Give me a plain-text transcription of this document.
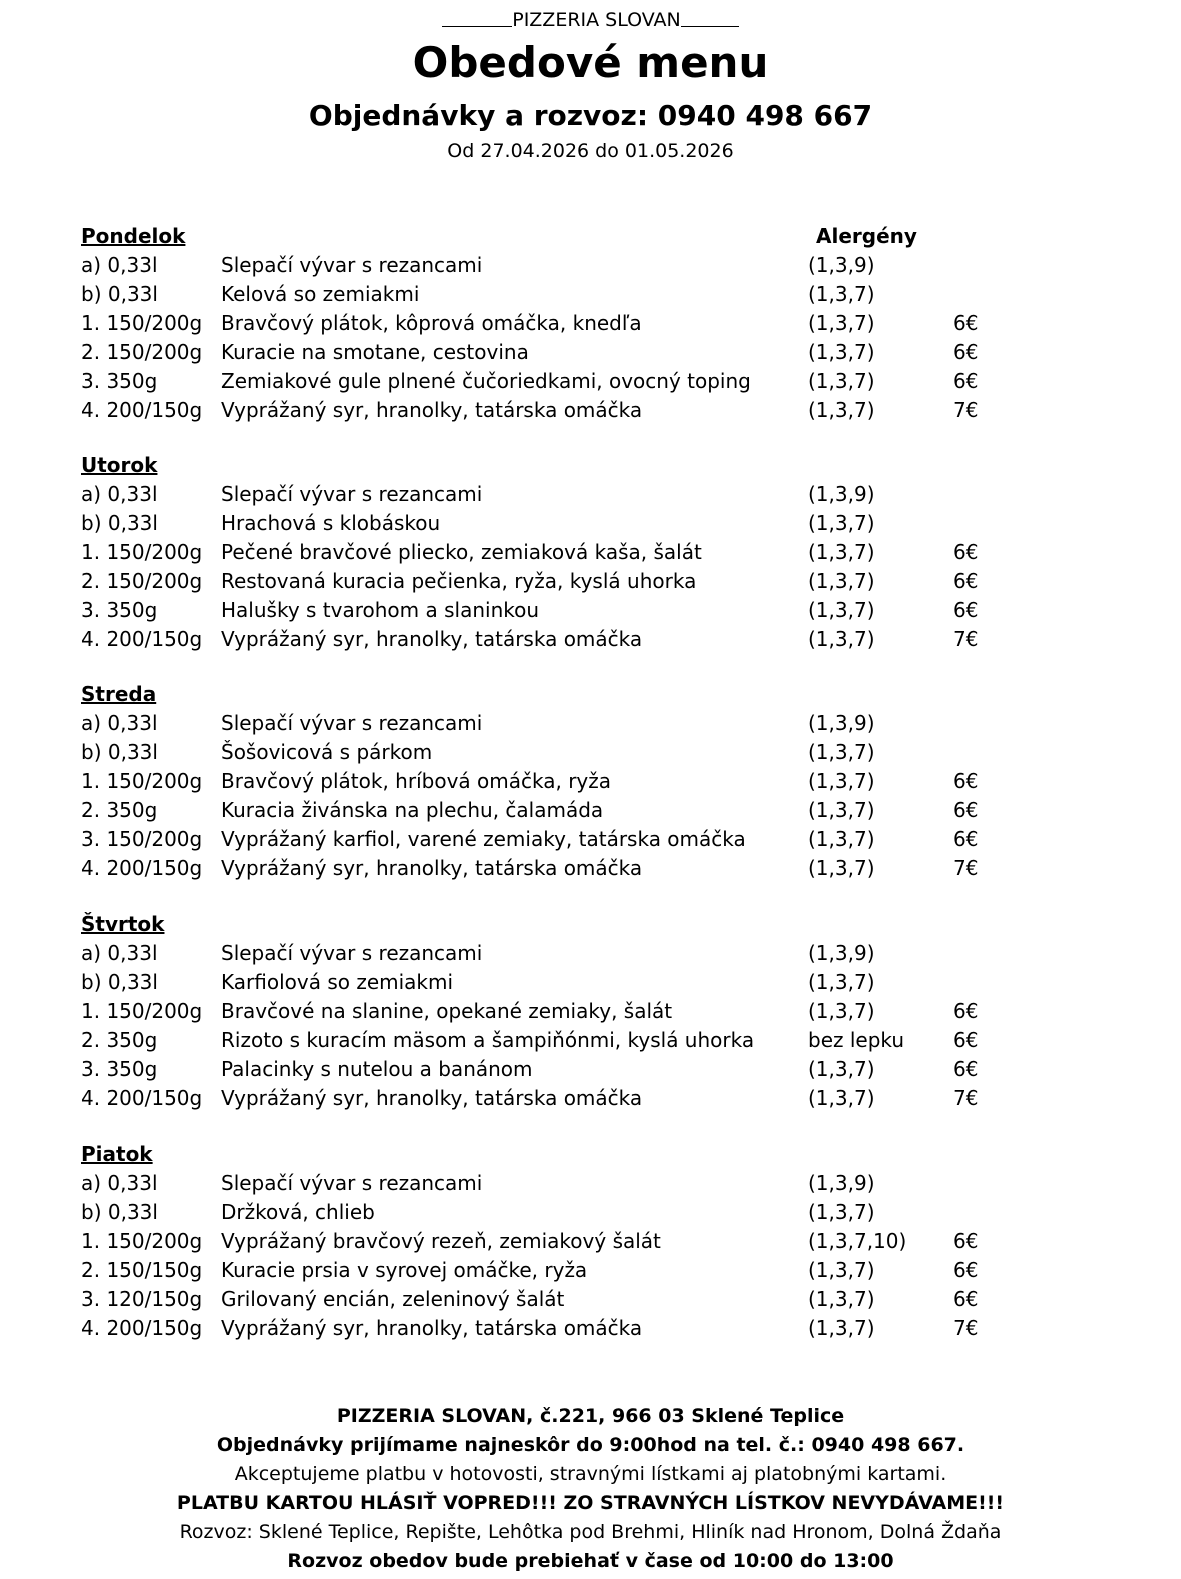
PIZZERIA SLOVAN
Obedové menu
Objednávky a rozvoz: 0940 498 667
Od 27.04.2026 do 01.05.2026
Pondelok	Alergény
a) 0,33l	Slepačí vývar s rezancami	(1,3,9)
b) 0,33l	Kelová so zemiakmi	(1,3,7)
1. 150/200g Bravčový plátok, kôprová omáčka, knedľa	(1,3,7)	6€
2. 150/200g Kuracie na smotane, cestovina	(1,3,7)	6€
3. 350g	Zemiakové gule plnené čučoriedkami, ovocný toping	(1,3,7)	6€
4. 200/150g Vyprážaný syr, hranolky, tatárska omáčka	(1,3,7)	7€
Utorok
a) 0,33l	Slepačí vývar s rezancami	(1,3,9)
b) 0,33l	Hrachová s klobáskou	(1,3,7)
1. 150/200g Pečené bravčové pliecko, zemiaková kaša, šalát	(1,3,7)	6€
2. 150/200g Restovaná kuracia pečienka, ryža, kyslá uhorka	(1,3,7)	6€
3. 350g	Halušky s tvarohom a slaninkou	(1,3,7)	6€
4. 200/150g Vyprážaný syr, hranolky, tatárska omáčka	(1,3,7)	7€
Streda
a) 0,33l	Slepačí vývar s rezancami	(1,3,9)
b) 0,33l	Šošovicová s párkom	(1,3,7)
1. 150/200g Bravčový plátok, hríbová omáčka, ryža	(1,3,7)	6€
2. 350g	Kuracia živánska na plechu, čalamáda	(1,3,7)	6€
3. 150/200g Vyprážaný karfiol, varené zemiaky, tatárska omáčka	(1,3,7)	6€
4. 200/150g Vyprážaný syr, hranolky, tatárska omáčka	(1,3,7)	7€
Štvrtok
a) 0,33l	Slepačí vývar s rezancami	(1,3,9)
b) 0,33l	Karfiolová so zemiakmi	(1,3,7)
1. 150/200g Bravčové na slanine, opekané zemiaky, šalát	(1,3,7)	6€
2. 350g	Rizoto s kuracím mäsom a šampiňónmi, kyslá uhorka	bez lepku 6€
3. 350g	Palacinky s nutelou a banánom	(1,3,7)	6€
4. 200/150g Vyprážaný syr, hranolky, tatárska omáčka	(1,3,7)	7€
Piatok
a) 0,33l	Slepačí vývar s rezancami	(1,3,9)
b) 0,33l	Držková, chlieb	(1,3,7)
1. 150/200g Vyprážaný bravčový rezeň, zemiakový šalát	(1,3,7,10) 6€
2. 150/150g Kuracie prsia v syrovej omáčke, ryža	(1,3,7)	6€
3. 120/150g Grilovaný encián, zeleninový šalát	(1,3,7)	6€
4. 200/150g Vyprážaný syr, hranolky, tatárska omáčka	(1,3,7)	7€
PIZZERIA SLOVAN, č.221, 966 03 Sklené Teplice
Objednávky prijímame najneskôr do 9:00hod na tel. č.: 0940 498 667.
Akceptujeme platbu v hotovosti, stravnými lístkami aj platobnými kartami.
PLATBU KARTOU HLÁSIŤ VOPRED!!! ZO STRAVNÝCH LÍSTKOV NEVYDÁVAME!!!
Rozvoz: Sklené Teplice, Repište, Lehôtka pod Brehmi, Hliník nad Hronom, Dolná Ždaňa
Rozvoz obedov bude prebiehať v čase od 10:00 do 13:00
